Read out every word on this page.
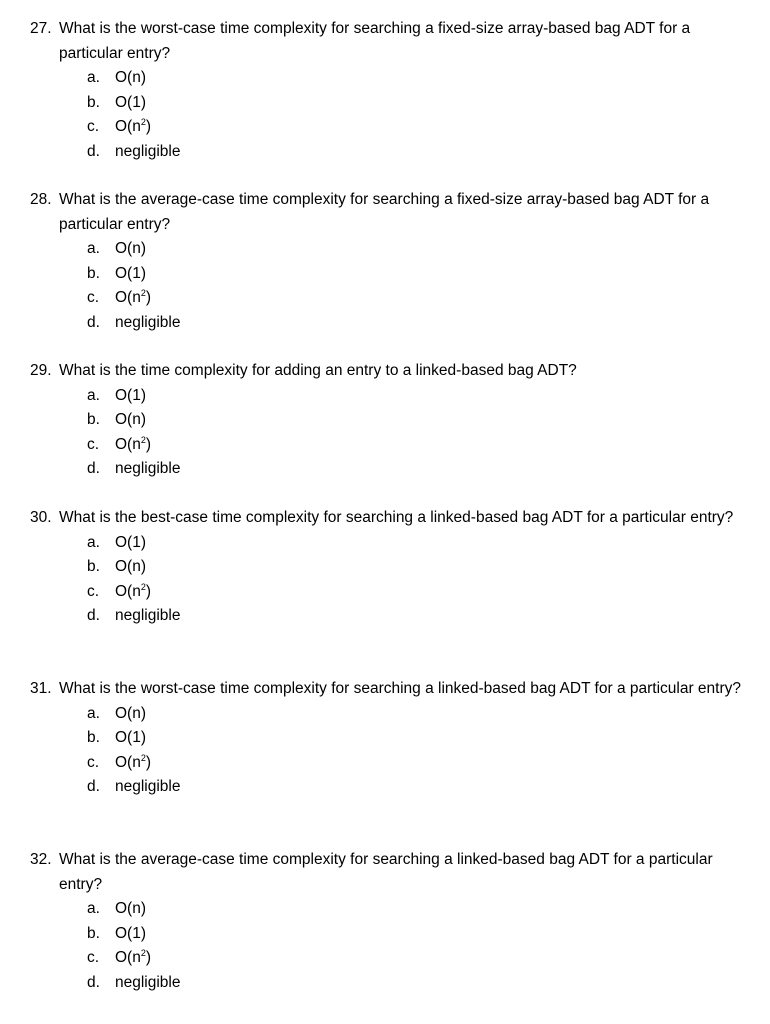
27. What is the worst-case time complexity for searching a fixed-size array-based bag ADT for a particular entry?
a. O(n)
b. O(1)
c.	$O(n^2)$
d. negligible
28. What is the average-case time complexity for searching a fixed-size array-based bag ADT for a particular entry?
a. O(n)
b. O(1)
c.	$O(n^2)$
d. negligible
29. What is the time complexity for adding an entry to a linked-based bag ADT?
a. O(1)
b. O(n)
c.	$O(n^2)$
d. negligible
30. What is the best-case time complexity for searching a linked-based bag ADT for a particular entry?
a. O(1)
b. O(n)
c.	$O(n^2)$
d. negligible
31. What is the worst-case time complexity for searching a linked-based bag ADT for a particular entry?
a. O(n)
b. O(1)
c.	$O(n^2)$
d. negligible
32. What is the average-case time complexity for searching a linked-based bag ADT for a particular entry?
a. O(n)
b. O(1)
c.	$O(n^2)$
d. negligible
